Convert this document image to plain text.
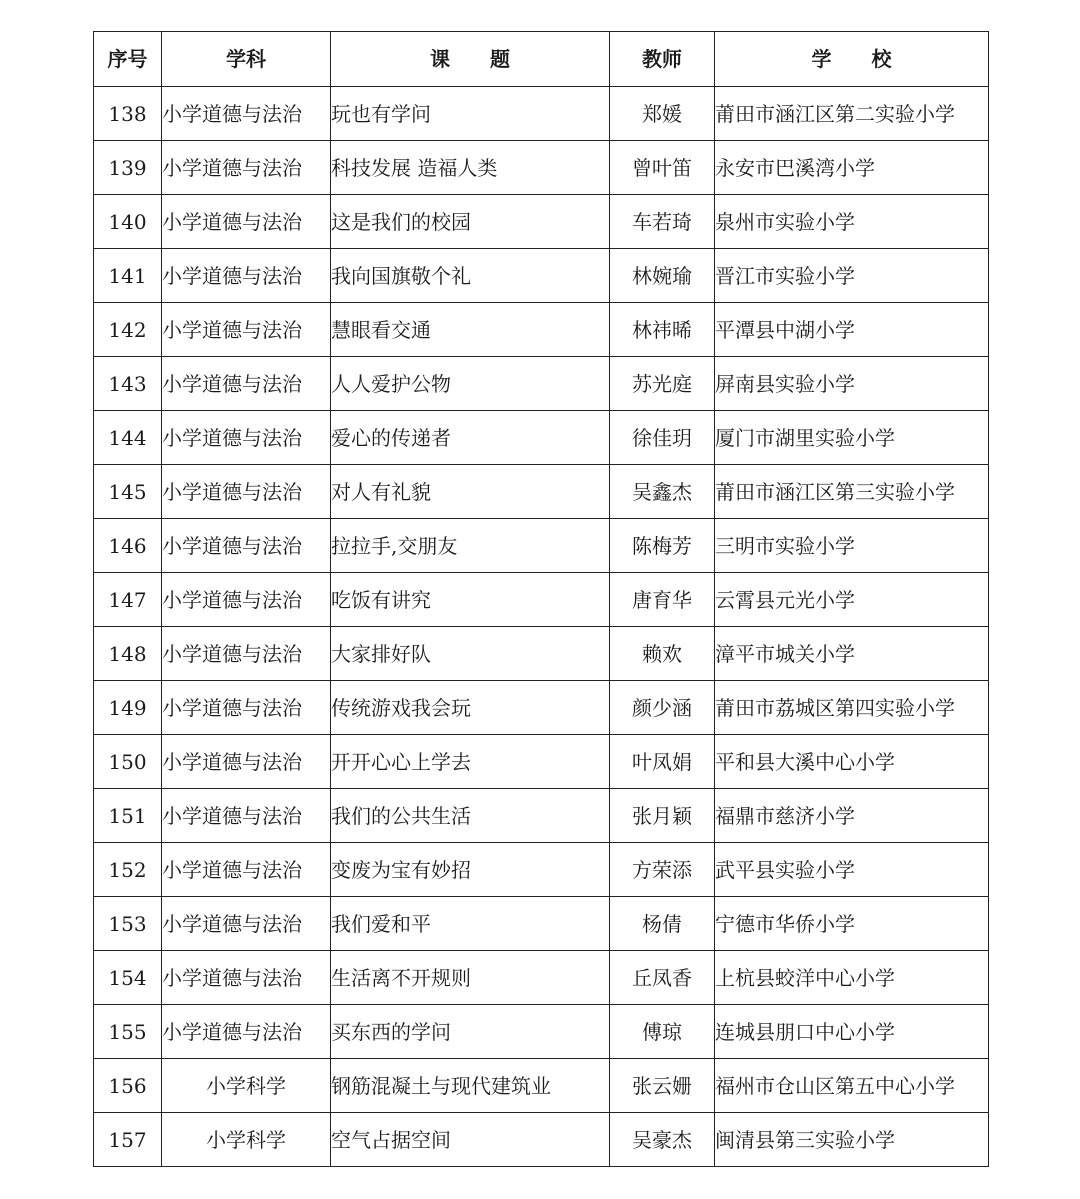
序号	学科	课　　题	教师	学　　校
138	小学道德与法治	玩也有学问	郑媛	莆田市涵江区第二实验小学
139	小学道德与法治	科技发展 造福人类	曾叶笛	永安市巴溪湾小学
140	小学道德与法治	这是我们的校园	车若琦	泉州市实验小学
141	小学道德与法治	我向国旗敬个礼	林婉瑜	晋江市实验小学
142	小学道德与法治	慧眼看交通	林祎晞	平潭县中湖小学
143	小学道德与法治	人人爱护公物	苏光庭	屏南县实验小学
144	小学道德与法治	爱心的传递者	徐佳玥	厦门市湖里实验小学
145	小学道德与法治	对人有礼貌	吴鑫杰	莆田市涵江区第三实验小学
146	小学道德与法治	拉拉手,交朋友	陈梅芳	三明市实验小学
147	小学道德与法治	吃饭有讲究	唐育华	云霄县元光小学
148	小学道德与法治	大家排好队	赖欢	漳平市城关小学
149	小学道德与法治	传统游戏我会玩	颜少涵	莆田市荔城区第四实验小学
150	小学道德与法治	开开心心上学去	叶凤娟	平和县大溪中心小学
151	小学道德与法治	我们的公共生活	张月颖	福鼎市慈济小学
152	小学道德与法治	变废为宝有妙招	方荣添	武平县实验小学
153	小学道德与法治	我们爱和平	杨倩	宁德市华侨小学
154	小学道德与法治	生活离不开规则	丘凤香	上杭县蛟洋中心小学
155	小学道德与法治	买东西的学问	傅琼	连城县朋口中心小学
156	小学科学	钢筋混凝土与现代建筑业	张云姗	福州市仓山区第五中心小学
157	小学科学	空气占据空间	吴豪杰	闽清县第三实验小学
